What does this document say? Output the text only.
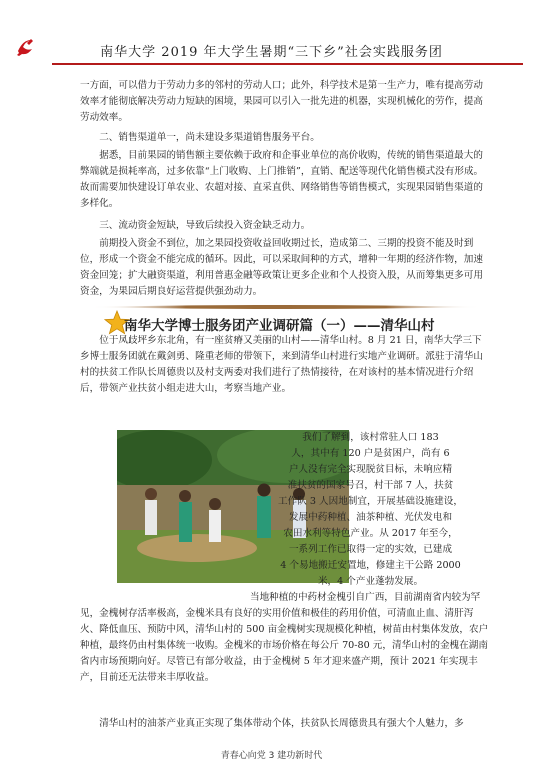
南华大学 2019 年大学生暑期“三下乡”社会实践服务团

一方面，可以借力于劳动力多的邻村的劳动人口；此外，科学技术是第一生产力，唯有提高劳动效率才能彻底解决劳动力短缺的困境，果园可以引入一批先进的机器，实现机械化的劳作，提高劳动效率。

二、销售渠道单一，尚未建设多渠道销售服务平台。

据悉，目前果园的销售额主要依赖于政府和企事业单位的高价收购，传统的销售渠道最大的弊端就是损耗率高，过多依靠“上门收购、上门推销”，直销、配送等现代化销售模式没有形成。故而需要加快建设订单农业、农超对接、直采直供、网络销售等销售模式，实现果园销售渠道的多样化。

三、流动资金短缺，导致后续投入资金缺乏动力。

前期投入资金不到位，加之果园投资收益回收期过长，造成第二、三期的投资不能及时到位，形成一个资金不能完成的循环。因此，可以采取间种的方式，增种一年期的经济作物，加速资金回笼；扩大融资渠道，利用普惠金融等政策让更多企业和个人投资入股，从而筹集更多可用资金，为果园后期良好运营提供强劲动力。

南华大学博士服务团产业调研篇（一）——清华山村

位于凤歧坪乡东北角，有一座贫瘠又美丽的山村——清华山村。8 月 21 日，南华大学三下乡博士服务团就在戴剑勇、隆重老师的带领下，来到清华山村进行实地产业调研。派驻于清华山村的扶贫工作队长周德贵以及村支两委对我们进行了热情接待，在对该村的基本情况进行介绍后，带领产业扶贫小组走进大山，考察当地产业。

我们了解到，该村常驻人口 183
人，其中有 120 户是贫困户，尚有 6
户人没有完全实现脱贫目标，未响应精
准扶贫的国家号召，村干部 7 人，扶贫
工作队 3 人因地制宜，开展基础设施建设，
发展中药种植、油茶种植、光伏发电和
农田水利等特色产业。从 2017 年至今，
一系列工作已取得一定的实效，已建成
4 个易地搬迁安置地，修建主干公路 2000
米，4 个产业蓬勃发展。

当地种植的中药材金槐引自广西，目前湖南省内较为罕见，金槐树存活率极高，金槐米具有良好的实用价值和极佳的药用价值，可清血止血、清肝泻火、降低血压、预防中风，清华山村的 500 亩金槐树实现规模化种植，树苗由村集体发放，农户种植，最终仍由村集体统一收购。金槐米的市场价格在每公斤 70-80 元，清华山村的金槐在湖南省内市场预期向好。尽管已有部分收益，由于金槐树 5 年才迎来盛产期，预计 2021 年实现丰产，目前还无法带来丰厚收益。

清华山村的油茶产业真正实现了集体带动个体，扶贫队长周德贵具有强大个人魅力，多

青春心向党 3 建功新时代
